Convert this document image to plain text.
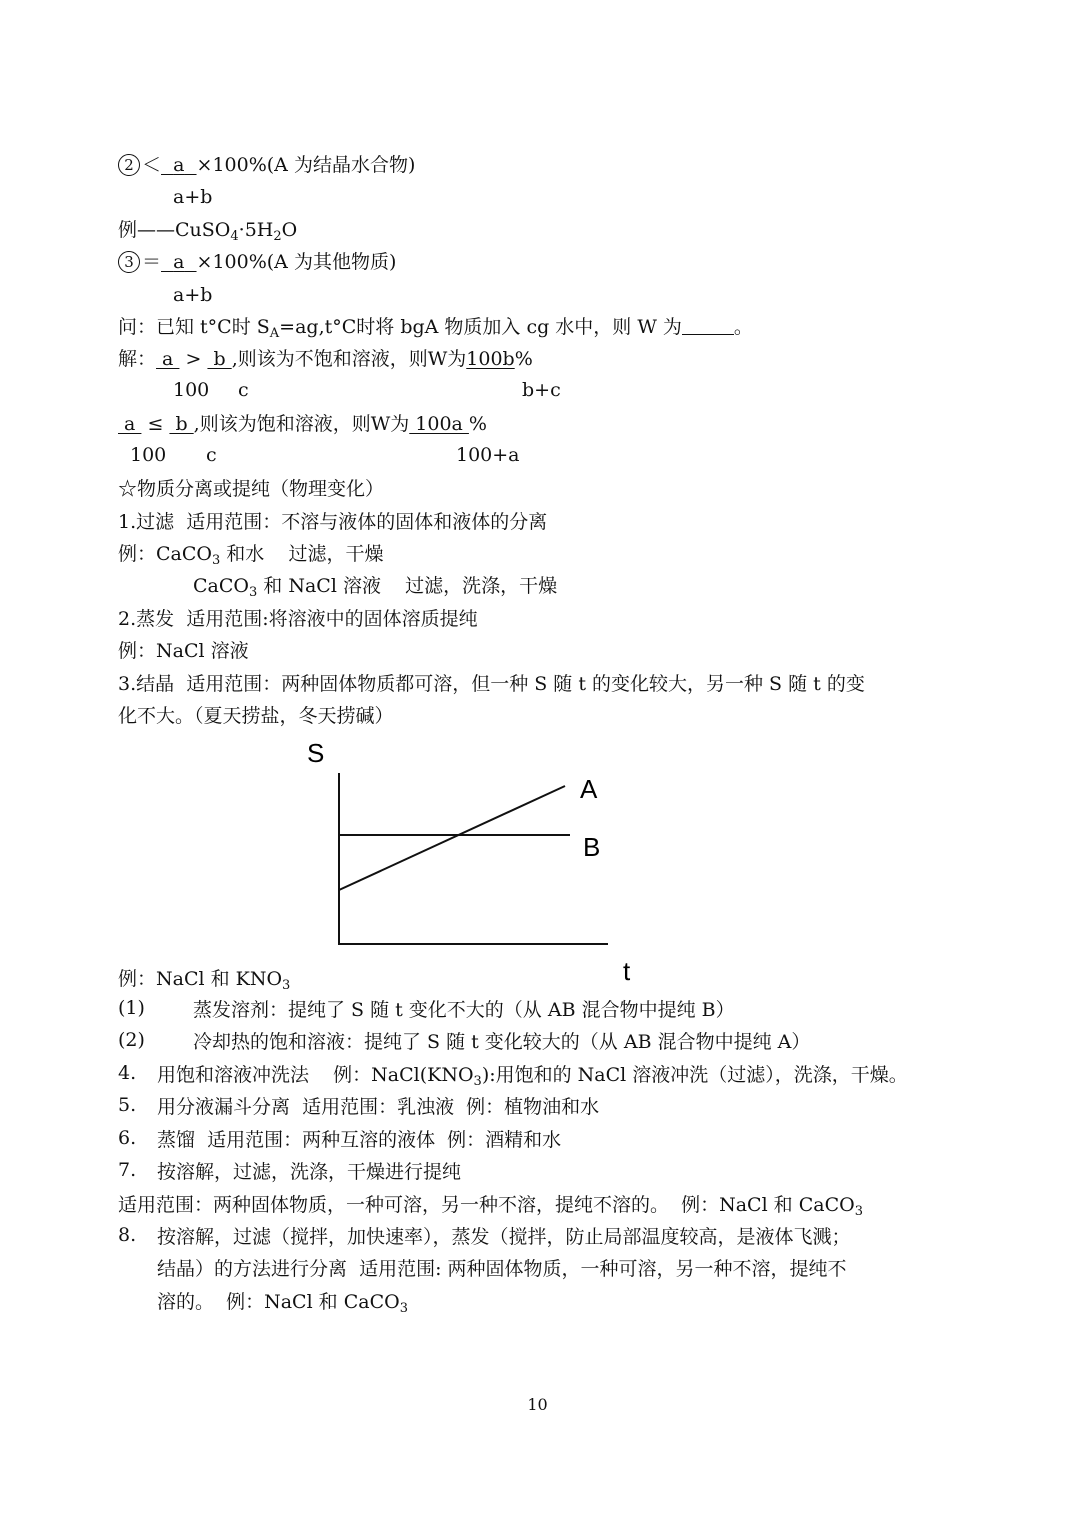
2 ＜ a ×100%(A 为结晶水合物)
a+b
例$——CuSO_4\cdot 5H_2O$
3 ＝ a ×100%(A 为其他物质)
a+b
问：已知 t°C时 $S_A=ag,t^\circ C$时将 bgA 物质加入 cg 水中，则 W 为	。
解： a  >  b ,则该为不饱和溶液，则W为100b%
100 c	b+c
a  ≤  b ,则该为饱和溶液，则W为 100a %
100 c	100+a
☆物质分离或提纯（物理变化）
1.过滤  适用范围：不溶与液体的固体和液体的分离
例：CaCO$_3$ 和水    过滤，干燥
CaCO$_3$ 和 NaCl 溶液    过滤，洗涤，干燥
2.蒸发  适用范围:将溶液中的固体溶质提纯
例：NaCl 溶液
3.结晶  适用范围：两种固体物质都可溶，但一种 S 随 t 的变化较大，另一种 S 随 t 的变
化不大。（夏天捞盐，冬天捞碱）
S
t
A
B
例：NaCl 和 $KNO_3$
(1)	蒸发溶剂：提纯了 S 随 t 变化不大的（从 AB 混合物中提纯 B）
(2)	冷却热的饱和溶液：提纯了 S 随 t 变化较大的（从 AB 混合物中提纯 A）
4. 用饱和溶液冲洗法    例：$NaCl(KNO_3)$:用饱和的 NaCl 溶液冲洗（过滤），洗涤，干燥。
5. 用分液漏斗分离  适用范围：乳浊液  例：植物油和水
6. 蒸馏  适用范围：两种互溶的液体  例：酒精和水
7. 按溶解，过滤，洗涤，干燥进行提纯
适用范围：两种固体物质，一种可溶，另一种不溶，提纯不溶的。  例：NaCl 和 CaCO$_3$
8. 按溶解，过滤（搅拌，加快速率），蒸发（搅拌，防止局部温度较高，是液体飞溅；
结晶）的方法进行分离  适用范围: 两种固体物质，一种可溶，另一种不溶，提纯不
溶的。  例：NaCl 和 CaCO$_3$
10
